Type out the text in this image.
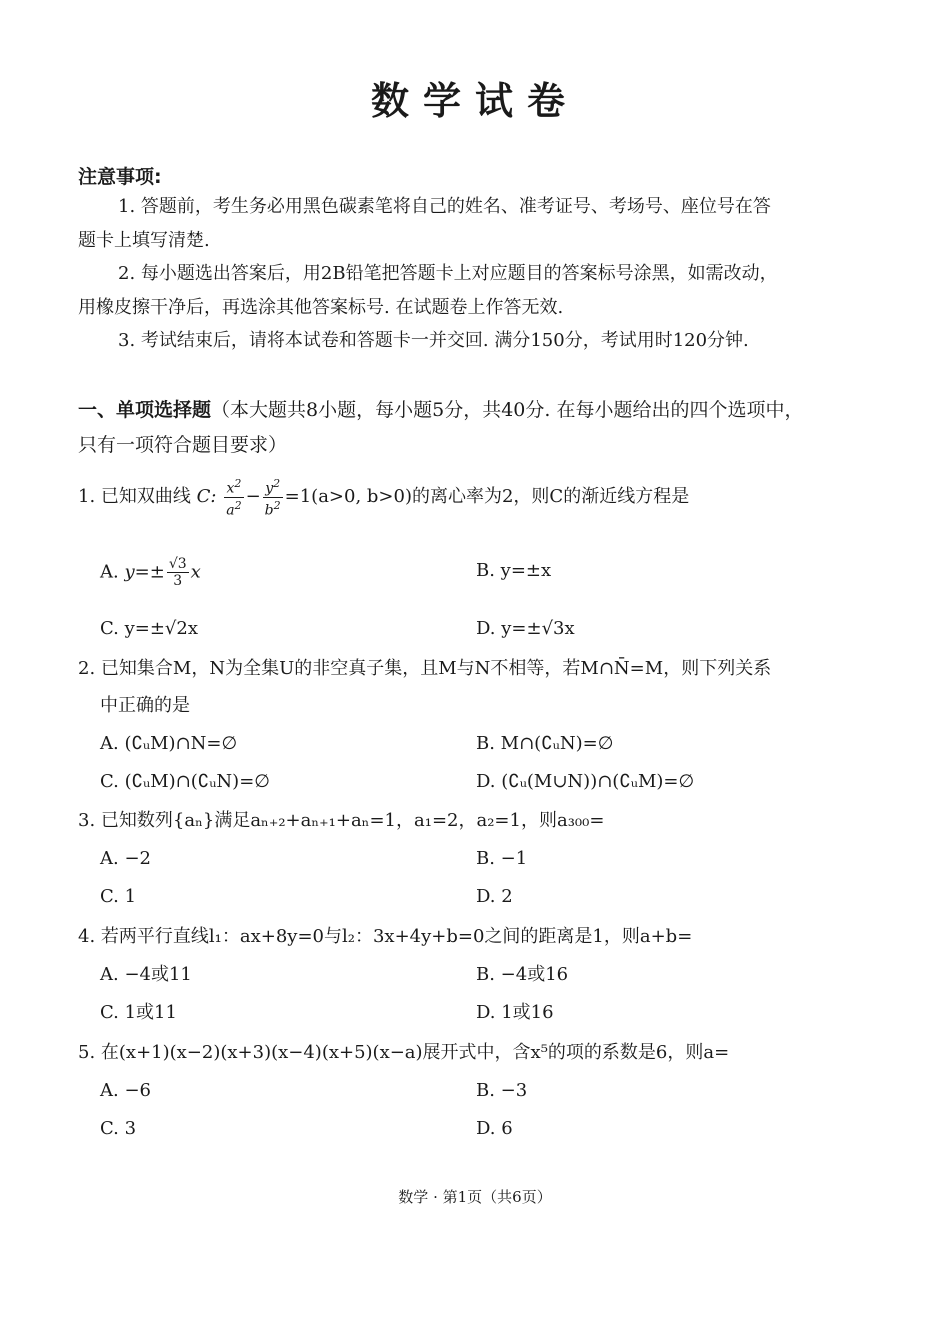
数学试卷
注意事项:
1. 答题前，考生务必用黑色碳素笔将自己的姓名、准考证号、考场号、座位号在答
题卡上填写清楚.
2. 每小题选出答案后，用2B铅笔把答题卡上对应题目的答案标号涂黑，如需改动，
用橡皮擦干净后，再选涂其他答案标号. 在试题卷上作答无效.
3. 考试结束后，请将本试卷和答题卡一并交回. 满分150分，考试用时120分钟.
一、单项选择题（本大题共8小题，每小题5分，共40分. 在每小题给出的四个选项中，
只有一项符合题目要求）
1. 已知双曲线 C: $\frac{x^2}{a^2} - \frac{y^2}{b^2} =1(a>0$, b>0)的离心率为2，则C的渐近线方程是
A. $y=\pm \frac{√3}{3}$ x	B. y=±x
C. y=±√2x	D. y=±√3x
2. 已知集合M，N为全集U的非空真子集，且M与N不相等，若M∩N̄=M，则下列关系
中正确的是
A. (∁ᵤM)∩N=∅	B. M∩(∁ᵤN)=∅
C. (∁ᵤM)∩(∁ᵤN)=∅	D. (∁ᵤ(M∪N))∩(∁ᵤM)=∅
3. 已知数列{aₙ}满足aₙ₊₂+aₙ₊₁+aₙ=1，a₁=2，a₂=1，则a₃₀₀=
A. −2	B. −1
C. 1	D. 2
4. 若两平行直线l₁：ax+8y=0与l₂：3x+4y+b=0之间的距离是1，则a+b=
A. −4或11	B. −4或16
C. 1或11	D. 1或16
5. 在(x+1)(x−2)(x+3)(x−4)(x+5)(x−a)展开式中，含x⁵的项的系数是6，则a=
A. −6	B. −3
C. 3	D. 6
数学 · 第1页（共6页）
